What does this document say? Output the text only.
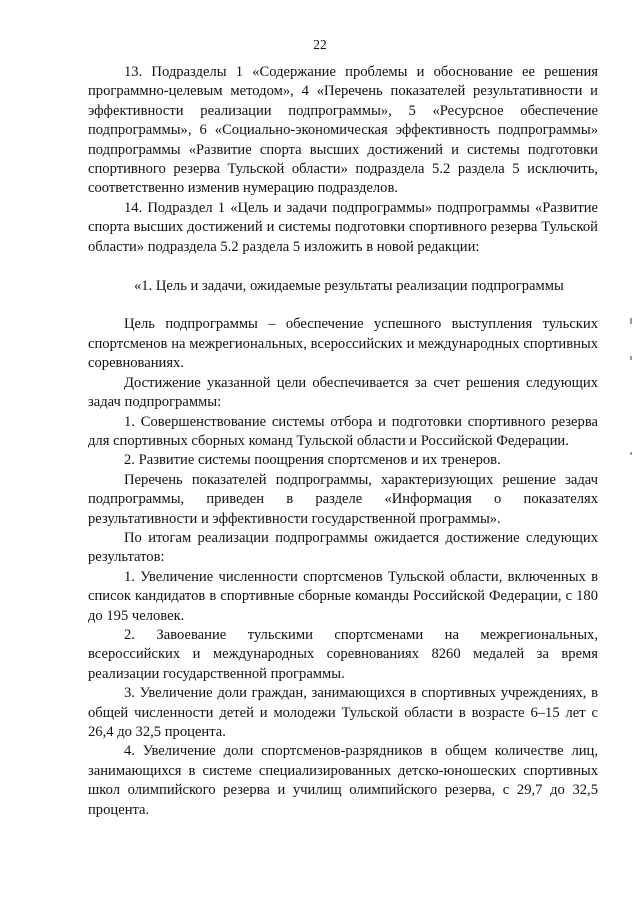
22

13. Подразделы 1 «Содержание проблемы и обоснование ее решения программно-целевым методом», 4 «Перечень показателей результативности и эффективности реализации подпрограммы», 5 «Ресурсное обеспечение подпрограммы», 6 «Социально-экономическая эффективность подпрограммы» подпрограммы «Развитие спорта высших достижений и системы подготовки спортивного резерва Тульской области» подраздела 5.2 раздела 5 исключить, соответственно изменив нумерацию подразделов.

14. Подраздел 1 «Цель и задачи подпрограммы» подпрограммы «Развитие спорта высших достижений и системы подготовки спортивного резерва Тульской области» подраздела 5.2 раздела 5 изложить в новой редакции:

«1. Цель и задачи, ожидаемые результаты реализации подпрограммы

Цель подпрограммы – обеспечение успешного выступления тульских спортсменов на межрегиональных, всероссийских и международных спортивных соревнованиях.

Достижение указанной цели обеспечивается за счет решения следующих задач подпрограммы:

1. Совершенствование системы отбора и подготовки спортивного резерва для спортивных сборных команд Тульской области и Российской Федерации.

2. Развитие системы поощрения спортсменов и их тренеров.

Перечень показателей подпрограммы, характеризующих решение задач подпрограммы, приведен в разделе «Информация о показателях результативности и эффективности государственной программы».

По итогам реализации подпрограммы ожидается достижение следующих результатов:

1. Увеличение численности спортсменов Тульской области, включенных в список кандидатов в спортивные сборные команды Российской Федерации, с 180 до 195 человек.

2. Завоевание тульскими спортсменами на межрегиональных, всероссийских и международных соревнованиях 8260 медалей за время реализации государственной программы.

3. Увеличение доли граждан, занимающихся в спортивных учреждениях, в общей численности детей и молодежи Тульской области в возрасте 6–15 лет с 26,4 до 32,5 процента.

4. Увеличение доли спортсменов-разрядников в общем количестве лиц, занимающихся в системе специализированных детско-юношеских спортивных школ олимпийского резерва и училищ олимпийского резерва, с 29,7 до 32,5 процента.
